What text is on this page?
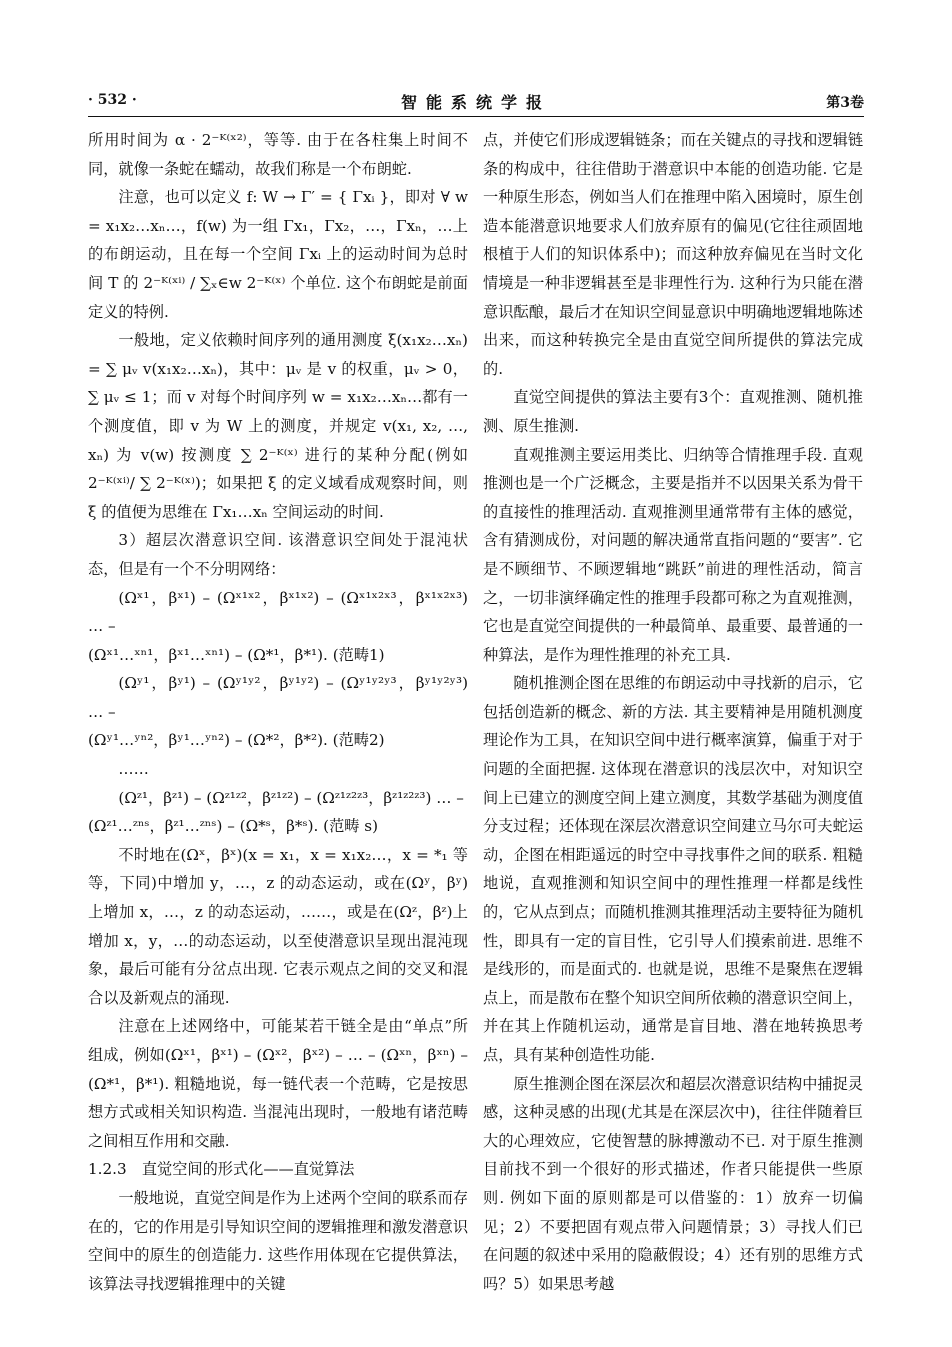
· 532 ·	智能系统学报	第3卷

所用时间为 α · 2⁻ᴷ⁽ˣ²⁾，等等. 由于在各柱集上时间不同，就像一条蛇在蠕动，故我们称是一个布朗蛇.

注意，也可以定义 f: W → Γ′ = { Γxᵢ }，即对 ∀ w = x₁x₂…xₙ…，f(w) 为一组 Γx₁，Γx₂，…，Γxₙ，…上的布朗运动，且在每一个空间 Γxᵢ 上的运动时间为总时间 T 的 2⁻ᴷ⁽ˣⁱ⁾ / ∑ₓ∈w 2⁻ᴷ⁽ˣ⁾ 个单位. 这个布朗蛇是前面定义的特例.

一般地，定义依赖时间序列的通用测度 ξ(x₁x₂…xₙ) = ∑ μᵥ v(x₁x₂…xₙ)，其中：μᵥ 是 v 的权重，μᵥ > 0，∑ μᵥ ≤ 1；而 v 对每个时间序列 w = x₁x₂…xₙ…都有一个测度值，即 v 为 W 上的测度，并规定 v(x₁, x₂, …, xₙ) 为 v(w) 按测度 ∑ 2⁻ᴷ⁽ˣ⁾ 进行的某种分配(例如 2⁻ᴷ⁽ˣⁱ⁾/ ∑ 2⁻ᴷ⁽ˣ⁾)；如果把 ξ 的定义域看成观察时间，则 ξ 的值便为思维在 Γx₁…xₙ 空间运动的时间.

3）超层次潜意识空间. 该潜意识空间处于混沌状态，但是有一个不分明网络：

(Ωˣ¹，βˣ¹) – (Ωˣ¹ˣ²，βˣ¹ˣ²) – (Ωˣ¹ˣ²ˣ³，βˣ¹ˣ²ˣ³) … –

(Ωˣ¹…ˣⁿ¹，βˣ¹…ˣⁿ¹) – (Ω*¹，β*¹). (范畴1)

(Ωʸ¹，βʸ¹) – (Ωʸ¹ʸ²，βʸ¹ʸ²) – (Ωʸ¹ʸ²ʸ³，βʸ¹ʸ²ʸ³) … –

(Ωʸ¹…ʸⁿ²，βʸ¹…ʸⁿ²) – (Ω*²，β*²). (范畴2)

……

(Ωᶻ¹，βᶻ¹) – (Ωᶻ¹ᶻ²，βᶻ¹ᶻ²) – (Ωᶻ¹ᶻ²ᶻ³，βᶻ¹ᶻ²ᶻ³) … –

(Ωᶻ¹…ᶻⁿˢ，βᶻ¹…ᶻⁿˢ) – (Ω*ˢ，β*ˢ). (范畴 s)

不时地在(Ωˣ，βˣ)(x = x₁，x = x₁x₂…，x = *₁ 等等，下同)中增加 y，…，z 的动态运动，或在(Ωʸ，βʸ)上增加 x，…，z 的动态运动，……，或是在(Ωᶻ，βᶻ)上增加 x，y，…的动态运动，以至使潜意识呈现出混沌现象，最后可能有分岔点出现. 它表示观点之间的交叉和混合以及新观点的涌现.

注意在上述网络中，可能某若干链全是由“单点”所组成，例如(Ωˣ¹，βˣ¹) – (Ωˣ²，βˣ²) – … – (Ωˣⁿ，βˣⁿ) – (Ω*¹，β*¹). 粗糙地说，每一链代表一个范畴，它是按思想方式或相关知识构造. 当混沌出现时，一般地有诸范畴之间相互作用和交融.

1.2.3　直觉空间的形式化——直觉算法

一般地说，直觉空间是作为上述两个空间的联系而存在的，它的作用是引导知识空间的逻辑推理和激发潜意识空间中的原生的创造能力. 这些作用体现在它提供算法，该算法寻找逻辑推理中的关键

点，并使它们形成逻辑链条；而在关键点的寻找和逻辑链条的构成中，往往借助于潜意识中本能的创造功能. 它是一种原生形态，例如当人们在推理中陷入困境时，原生创造本能潜意识地要求人们放弃原有的偏见(它往往顽固地根植于人们的知识体系中)；而这种放弃偏见在当时文化情境是一种非逻辑甚至是非理性行为. 这种行为只能在潜意识酝酿，最后才在知识空间显意识中明确地逻辑地陈述出来，而这种转换完全是由直觉空间所提供的算法完成的.

直觉空间提供的算法主要有3个：直观推测、随机推测、原生推测.

直观推测主要运用类比、归纳等合情推理手段. 直观推测也是一个广泛概念，主要是指并不以因果关系为骨干的直接性的推理活动. 直观推测里通常带有主体的感觉，含有猜测成份，对问题的解决通常直指问题的“要害”. 它是不顾细节、不顾逻辑地“跳跃”前进的理性活动，简言之，一切非演绎确定性的推理手段都可称之为直观推测，它也是直觉空间提供的一种最简单、最重要、最普通的一种算法，是作为理性推理的补充工具.

随机推测企图在思维的布朗运动中寻找新的启示，它包括创造新的概念、新的方法. 其主要精神是用随机测度理论作为工具，在知识空间中进行概率演算，偏重于对于问题的全面把握. 这体现在潜意识的浅层次中，对知识空间上已建立的测度空间上建立测度，其数学基础为测度值分支过程；还体现在深层次潜意识空间建立马尔可夫蛇运动，企图在相距遥远的时空中寻找事件之间的联系. 粗糙地说，直观推测和知识空间中的理性推理一样都是线性的，它从点到点；而随机推测其推理活动主要特征为随机性，即具有一定的盲目性，它引导人们摸索前进. 思维不是线形的，而是面式的. 也就是说，思维不是聚焦在逻辑点上，而是散布在整个知识空间所依赖的潜意识空间上，并在其上作随机运动，通常是盲目地、潜在地转换思考点，具有某种创造性功能.

原生推测企图在深层次和超层次潜意识结构中捕捉灵感，这种灵感的出现(尤其是在深层次中)，往往伴随着巨大的心理效应，它使智慧的脉搏激动不已. 对于原生推测目前找不到一个很好的形式描述，作者只能提供一些原则. 例如下面的原则都是可以借鉴的：1）放弃一切偏见；2）不要把固有观点带入问题情景；3）寻找人们已在问题的叙述中采用的隐蔽假设；4）还有别的思维方式吗？5）如果思考越
